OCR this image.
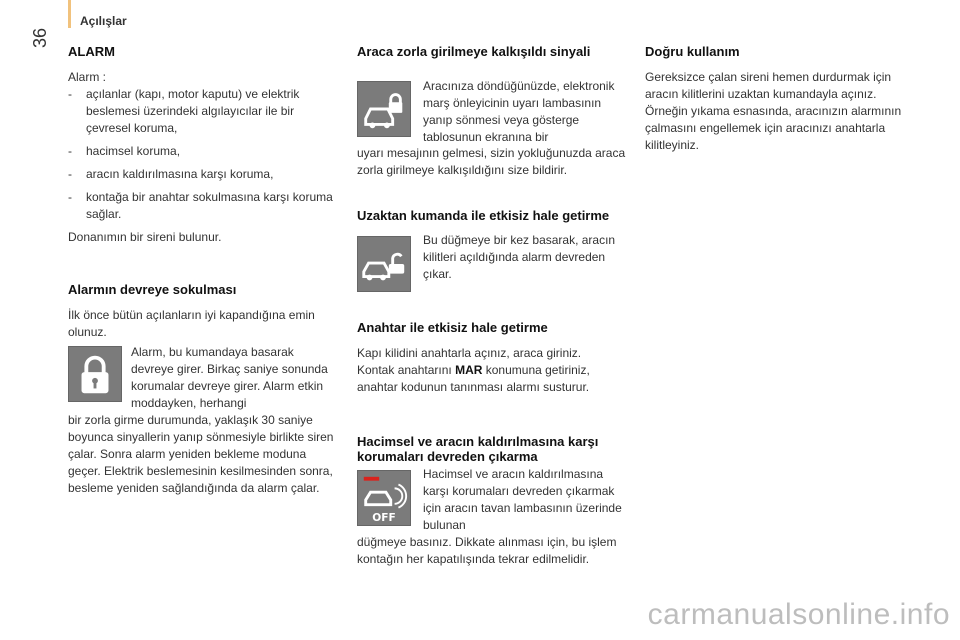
Açılışlar
36
ALARM

Alarm :

- açılanlar (kapı, motor kaputu) ve elektrik beslemesi üzerindeki algılayıcılar ile bir çevresel koruma,

- hacimsel koruma,

- aracın kaldırılmasına karşı koruma,

- kontağa bir anahtar sokulmasına karşı koruma sağlar.

Donanımın bir sireni bulunur.

Alarmın devreye sokulması

İlk önce bütün açılanların iyi kapandığına emin olunuz.

Alarm, bu kumandaya basarak devreye girer. Birkaç saniye sonunda korumalar devreye girer. Alarm etkin moddayken, herhangi

bir zorla girme durumunda, yaklaşık 30 saniye boyunca sinyallerin yanıp sönmesiyle birlikte siren çalar. Sonra alarm yeniden bekleme moduna geçer. Elektrik beslemesinin kesilmesinden sonra, besleme yeniden sağlandığında da alarm çalar.

Araca zorla girilmeye kalkışıldı sinyali

Aracınıza döndüğünüzde, elektronik marş önleyicinin uyarı lambasının yanıp sönmesi veya gösterge tablosunun ekranına bir

uyarı mesajının gelmesi, sizin yokluğunuzda araca zorla girilmeye kalkışıldığını size bildirir.

Uzaktan kumanda ile etkisiz hale getirme

Bu düğmeye bir kez basarak, aracın kilitleri açıldığında alarm devreden çıkar.

Anahtar ile etkisiz hale getirme

Kapı kilidini anahtarla açınız, araca giriniz.

Kontak anahtarını MAR konumuna getiriniz, anahtar kodunun tanınması alarmı susturur.

Hacimsel ve aracın kaldırılmasına karşı korumaları devreden çıkarma
OFF

Hacimsel ve aracın kaldırılmasına karşı korumaları devreden çıkarmak için aracın tavan lambasının üzerinde bulunan

düğmeye basınız. Dikkate alınması için, bu işlem kontağın her kapatılışında tekrar edilmelidir.

Doğru kullanım

Gereksizce çalan sireni hemen durdurmak için aracın kilitlerini uzaktan kumandayla açınız. Örneğin yıkama esnasında, aracınızın alarmının çalmasını engellemek için aracınızı anahtarla kilitleyiniz.

carmanualsonline.info
